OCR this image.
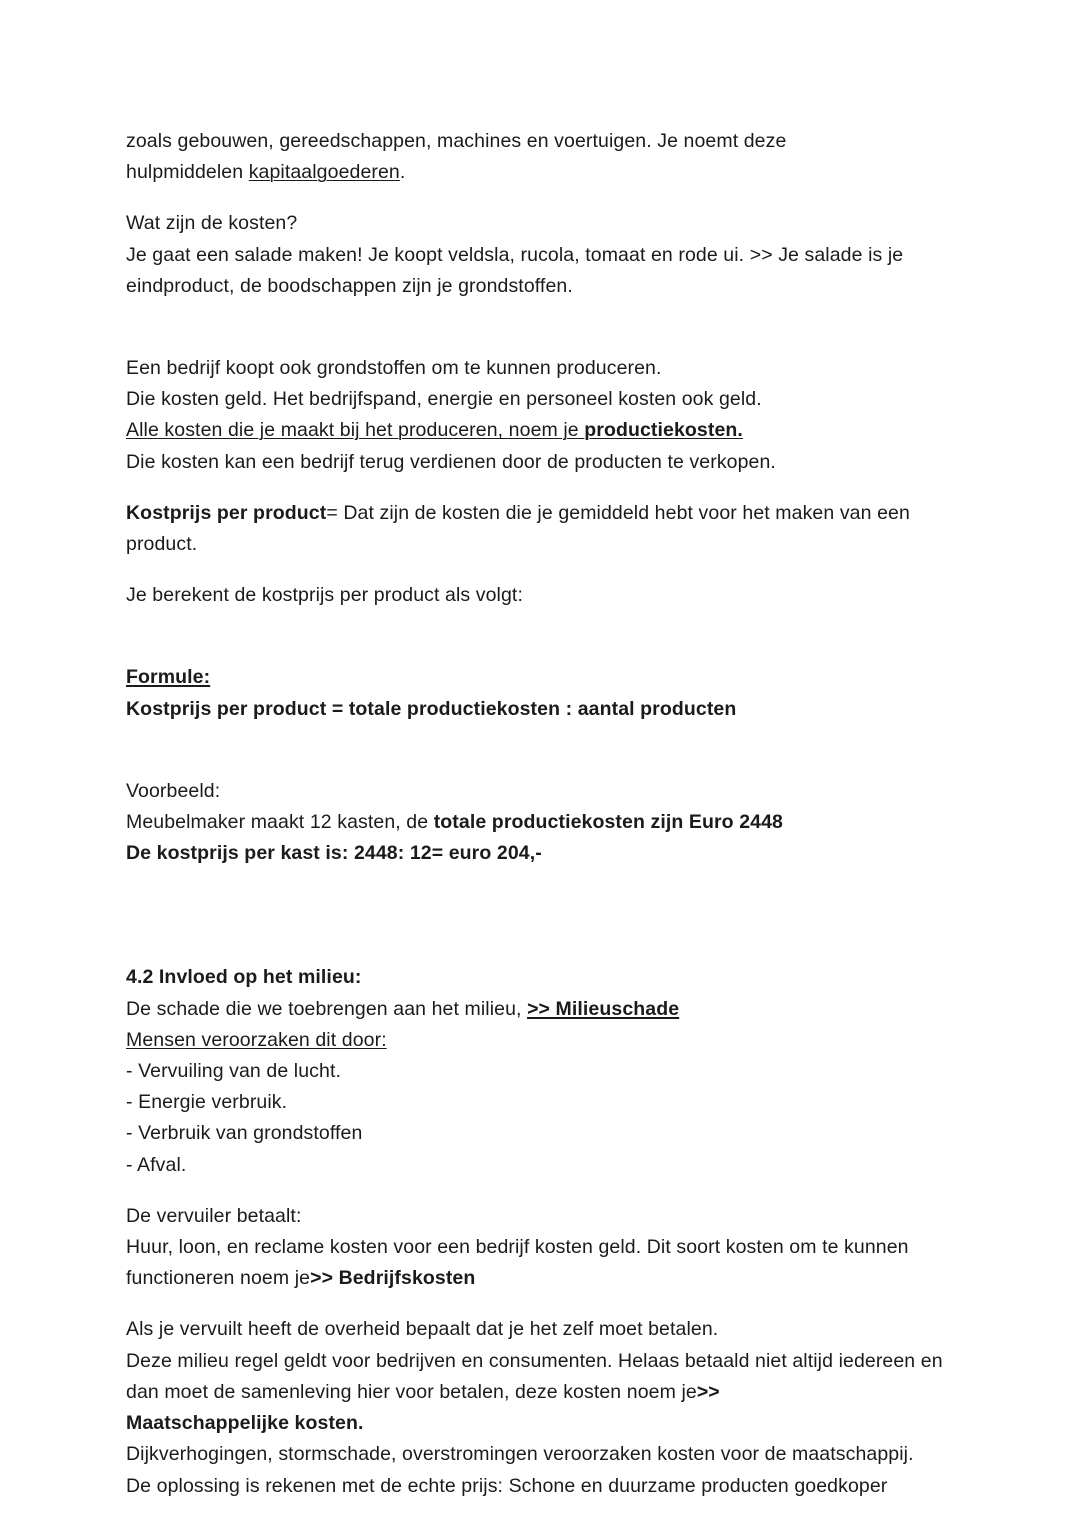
zoals gebouwen, gereedschappen, machines en voertuigen. Je noemt deze
hulpmiddelen kapitaalgoederen.
Wat zijn de kosten?
Je gaat een salade maken! Je koopt veldsla, rucola, tomaat en rode ui. >> Je salade is je eindproduct, de boodschappen zijn je grondstoffen.
Een bedrijf koopt ook grondstoffen om te kunnen produceren.
Die kosten geld. Het bedrijfspand, energie en personeel kosten ook geld.
Alle kosten die je maakt bij het produceren, noem je productiekosten.
Die kosten kan een bedrijf terug verdienen door de producten te verkopen.
Kostprijs per product= Dat zijn de kosten die je gemiddeld hebt voor het maken van een product.
Je berekent de kostprijs per product als volgt:
Formule:
Kostprijs per product = totale productiekosten : aantal producten
Voorbeeld:
Meubelmaker maakt 12 kasten, de totale productiekosten zijn Euro 2448
De kostprijs per kast is: 2448: 12= euro 204,-
4.2 Invloed op het milieu:
De schade die we toebrengen aan het milieu, >> Milieuschade
Mensen veroorzaken dit door:
- Vervuiling van de lucht.
- Energie verbruik.
- Verbruik van grondstoffen
- Afval.
De vervuiler betaalt:
Huur, loon, en reclame kosten voor een bedrijf kosten geld. Dit soort kosten om te kunnen functioneren noem je>> Bedrijfskosten
Als je vervuilt heeft de overheid bepaalt dat je het zelf moet betalen.
Deze milieu regel geldt voor bedrijven en consumenten. Helaas betaald niet altijd iedereen en dan moet de samenleving hier voor betalen, deze kosten noem je>>
Maatschappelijke kosten.
Dijkverhogingen, stormschade, overstromingen veroorzaken kosten voor de maatschappij.
De oplossing is rekenen met de echte prijs: Schone en duurzame producten goedkoper
